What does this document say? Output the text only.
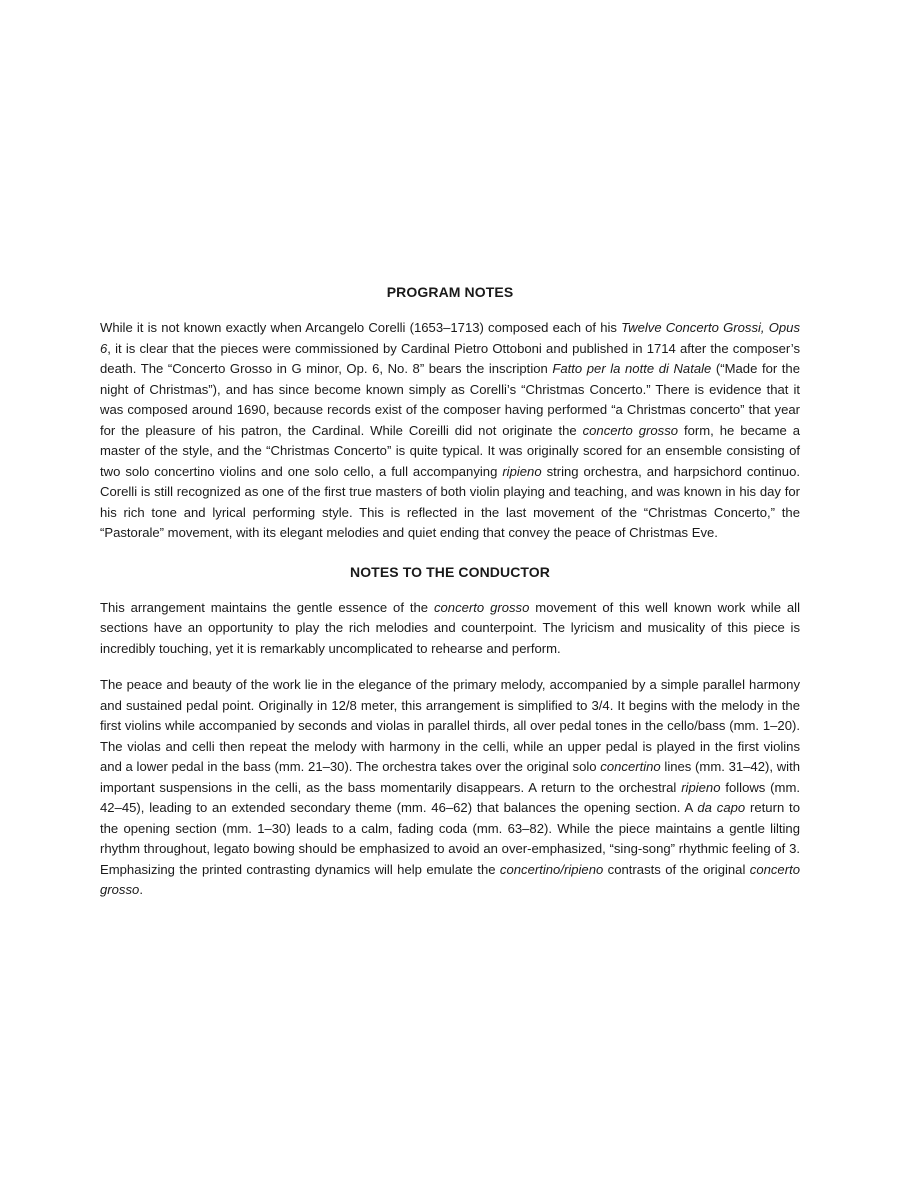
PROGRAM NOTES

While it is not known exactly when Arcangelo Corelli (1653–1713) composed each of his Twelve Concerto Grossi, Opus 6, it is clear that the pieces were commissioned by Cardinal Pietro Ottoboni and published in 1714 after the composer’s death. The “Concerto Grosso in G minor, Op. 6, No. 8” bears the inscription Fatto per la notte di Natale (“Made for the night of Christmas”), and has since become known simply as Corelli’s “Christmas Concerto.” There is evidence that it was composed around 1690, because records exist of the composer having performed “a Christmas concerto” that year for the pleasure of his patron, the Cardinal. While Coreilli did not originate the concerto grosso form, he became a master of the style, and the “Christmas Concerto” is quite typical. It was originally scored for an ensemble consisting of two solo concertino violins and one solo cello, a full accompanying ripieno string orchestra, and harpsichord continuo. Corelli is still recognized as one of the first true masters of both violin playing and teaching, and was known in his day for his rich tone and lyrical performing style. This is reflected in the last movement of the “Christmas Concerto,” the “Pastorale” movement, with its elegant melodies and quiet ending that convey the peace of Christmas Eve.

NOTES TO THE CONDUCTOR

This arrangement maintains the gentle essence of the concerto grosso movement of this well known work while all sections have an opportunity to play the rich melodies and counterpoint. The lyricism and musicality of this piece is incredibly touching, yet it is remarkably uncomplicated to rehearse and perform.

The peace and beauty of the work lie in the elegance of the primary melody, accompanied by a simple parallel harmony and sustained pedal point. Originally in 12/8 meter, this arrangement is simplified to 3/4. It begins with the melody in the first violins while accompanied by seconds and violas in parallel thirds, all over pedal tones in the cello/bass (mm. 1–20). The violas and celli then repeat the melody with harmony in the celli, while an upper pedal is played in the first violins and a lower pedal in the bass (mm. 21–30). The orchestra takes over the original solo concertino lines (mm. 31–42), with important suspensions in the celli, as the bass momentarily disappears. A return to the orchestral ripieno follows (mm. 42–45), leading to an extended secondary theme (mm. 46–62) that balances the opening section. A da capo return to the opening section (mm. 1–30) leads to a calm, fading coda (mm. 63–82). While the piece maintains a gentle lilting rhythm throughout, legato bowing should be emphasized to avoid an over-emphasized, “sing-song” rhythmic feeling of 3. Emphasizing the printed contrasting dynamics will help emulate the concertino/ripieno contrasts of the original concerto grosso.
